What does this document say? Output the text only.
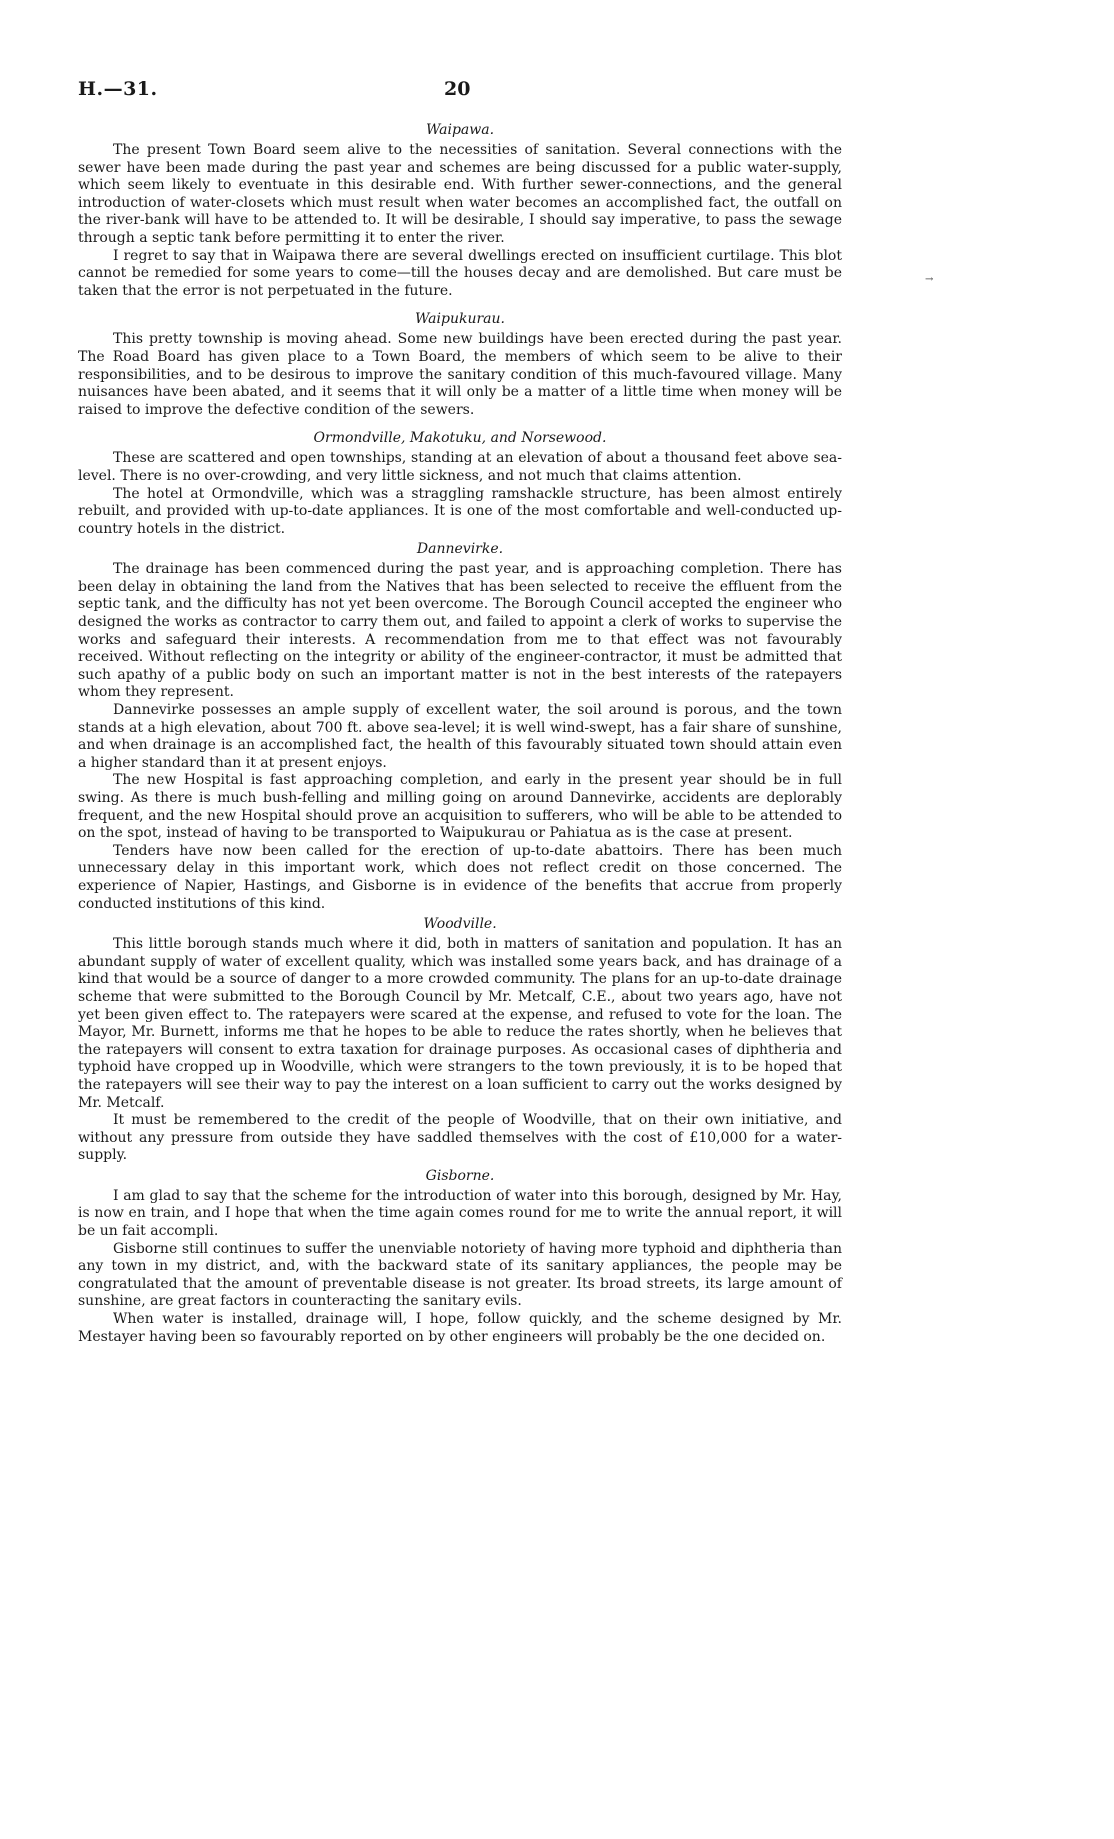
H.—31.	20
→
Waipawa.

The present Town Board seem alive to the necessities of sanitation. Several connections with the sewer have been made during the past year and schemes are being discussed for a public water-supply, which seem likely to eventuate in this desirable end. With further sewer-connections, and the general introduction of water-closets which must result when water becomes an accomplished fact, the outfall on the river-bank will have to be attended to. It will be desirable, I should say imperative, to pass the sewage through a septic tank before permitting it to enter the river.

I regret to say that in Waipawa there are several dwellings erected on insufficient curtilage. This blot cannot be remedied for some years to come—till the houses decay and are demolished. But care must be taken that the error is not perpetuated in the future.

Waipukurau.

This pretty township is moving ahead. Some new buildings have been erected during the past year. The Road Board has given place to a Town Board, the members of which seem to be alive to their responsibilities, and to be desirous to improve the sanitary condition of this much-favoured village. Many nuisances have been abated, and it seems that it will only be a matter of a little time when money will be raised to improve the defective condition of the sewers.

Ormondville, Makotuku, and Norsewood.

These are scattered and open townships, standing at an elevation of about a thousand feet above sea-level. There is no over-crowding, and very little sickness, and not much that claims attention.

The hotel at Ormondville, which was a straggling ramshackle structure, has been almost entirely rebuilt, and provided with up-to-date appliances. It is one of the most comfortable and well-conducted up-country hotels in the district.

Dannevirke.

The drainage has been commenced during the past year, and is approaching completion. There has been delay in obtaining the land from the Natives that has been selected to receive the effluent from the septic tank, and the difficulty has not yet been overcome. The Borough Council accepted the engineer who designed the works as contractor to carry them out, and failed to appoint a clerk of works to supervise the works and safeguard their interests. A recommendation from me to that effect was not favourably received. Without reflecting on the integrity or ability of the engineer-contractor, it must be admitted that such apathy of a public body on such an important matter is not in the best interests of the ratepayers whom they represent.

Dannevirke possesses an ample supply of excellent water, the soil around is porous, and the town stands at a high elevation, about 700 ft. above sea-level; it is well wind-swept, has a fair share of sunshine, and when drainage is an accomplished fact, the health of this favourably situated town should attain even a higher standard than it at present enjoys.

The new Hospital is fast approaching completion, and early in the present year should be in full swing. As there is much bush-felling and milling going on around Dannevirke, accidents are deplorably frequent, and the new Hospital should prove an acquisition to sufferers, who will be able to be attended to on the spot, instead of having to be transported to Waipukurau or Pahiatua as is the case at present.

Tenders have now been called for the erection of up-to-date abattoirs. There has been much unnecessary delay in this important work, which does not reflect credit on those concerned. The experience of Napier, Hastings, and Gisborne is in evidence of the benefits that accrue from properly conducted institutions of this kind.

Woodville.

This little borough stands much where it did, both in matters of sanitation and population. It has an abundant supply of water of excellent quality, which was installed some years back, and has drainage of a kind that would be a source of danger to a more crowded community. The plans for an up-to-date drainage scheme that were submitted to the Borough Council by Mr. Metcalf, C.E., about two years ago, have not yet been given effect to. The ratepayers were scared at the expense, and refused to vote for the loan. The Mayor, Mr. Burnett, informs me that he hopes to be able to reduce the rates shortly, when he believes that the ratepayers will consent to extra taxation for drainage purposes. As occasional cases of diphtheria and typhoid have cropped up in Woodville, which were strangers to the town previously, it is to be hoped that the ratepayers will see their way to pay the interest on a loan sufficient to carry out the works designed by Mr. Metcalf.

It must be remembered to the credit of the people of Woodville, that on their own initiative, and without any pressure from outside they have saddled themselves with the cost of £10,000 for a water-supply.

Gisborne.

I am glad to say that the scheme for the introduction of water into this borough, designed by Mr. Hay, is now en train, and I hope that when the time again comes round for me to write the annual report, it will be un fait accompli.

Gisborne still continues to suffer the unenviable notoriety of having more typhoid and diphtheria than any town in my district, and, with the backward state of its sanitary appliances, the people may be congratulated that the amount of preventable disease is not greater. Its broad streets, its large amount of sunshine, are great factors in counteracting the sanitary evils.

When water is installed, drainage will, I hope, follow quickly, and the scheme designed by Mr. Mestayer having been so favourably reported on by other engineers will probably be the one decided on.
